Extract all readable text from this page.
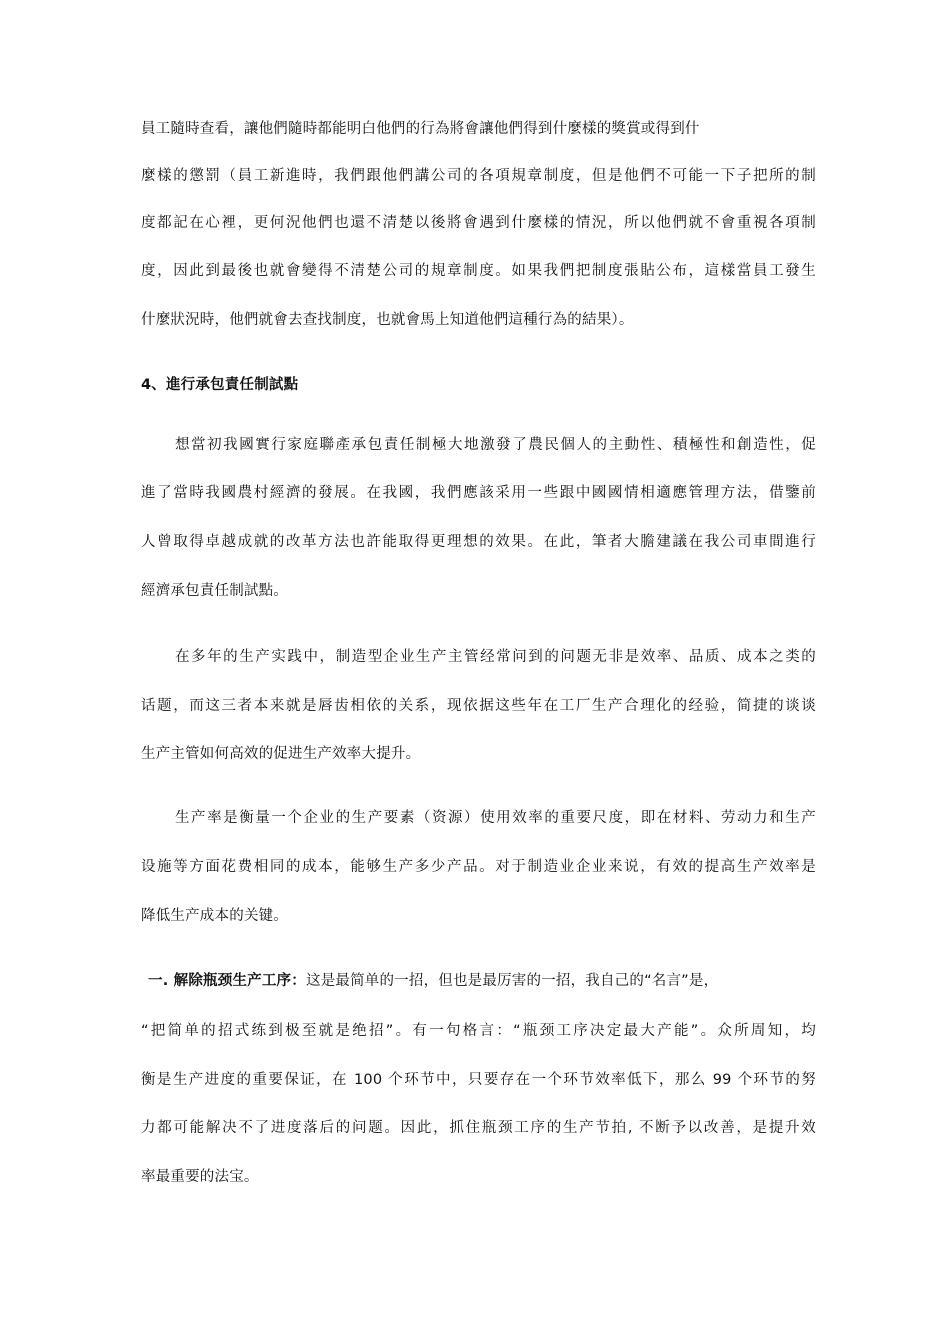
員工隨時查看，讓他們隨時都能明白他們的行為將會讓他們得到什麼樣的獎賞或得到什
麼樣的懲罰（員工新進時，我們跟他們講公司的各項規章制度，但是他們不可能一下子把所的制
度都記在心裡，更何況他們也還不清楚以後將會遇到什麼樣的情況，所以他們就不會重視各項制
度，因此到最後也就會變得不清楚公司的規章制度。如果我們把制度張貼公布，這樣當員工發生
什麼狀況時，他們就會去查找制度，也就會馬上知道他們這種行為的結果）。
4、進行承包責任制試點
想當初我國實行家庭聯產承包責任制極大地激發了農民個人的主動性、積極性和創造性，促
進了當時我國農村經濟的發展。在我國，我們應該采用一些跟中國國情相適應管理方法，借鑒前
人曾取得卓越成就的改革方法也許能取得更理想的效果。在此，筆者大膽建議在我公司車間進行
經濟承包責任制試點。
在多年的生产实践中，制造型企业生产主管经常问到的问题无非是效率、品质、成本之类的
话题，而这三者本来就是唇齿相依的关系，现依据这些年在工厂生产合理化的经验，简捷的谈谈
生产主管如何高效的促进生产效率大提升。
生产率是衡量一个企业的生产要素（资源）使用效率的重要尺度，即在材料、劳动力和生产
设施等方面花费相同的成本，能够生产多少产品。对于制造业企业来说，有效的提高生产效率是
降低生产成本的关键。
一. 解除瓶颈生产工序：这是最简单的一招，但也是最厉害的一招，我自己的“名言”是，
“把简单的招式练到极至就是绝招”。有一句格言：“瓶颈工序决定最大产能”。众所周知，均
衡是生产进度的重要保证，在 100 个环节中，只要存在一个环节效率低下，那么 99 个环节的努
力都可能解决不了进度落后的问题。因此，抓住瓶颈工序的生产节拍, 不断予以改善，是提升效
率最重要的法宝。
